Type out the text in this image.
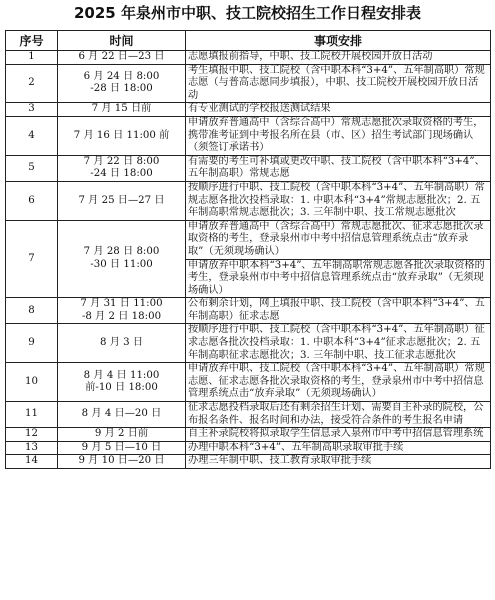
2025 年泉州市中职、技工院校招生工作日程安排表
序号	时间	事项安排
1	6 月 22 日—23 日	志愿填报前指导，中职、技工院校开展校园开放日活动
2	6 月 24 日 8:00
-28 日 18:00	考生填报中职、技工院校（含中职本科“3+4”、五年制高职）常规志愿（与普高志愿同步填报），中职、技工院校开展校园开放日活动
3	7 月 15 日前	有专业测试的学校报送测试结果
4	7 月 16 日 11:00 前	申请放弃普通高中（含综合高中）常规志愿批次录取资格的考生，携带准考证到中考报名所在县（市、区）招生考试部门现场确认（须签订承诺书）
5	7 月 22 日 8:00
-24 日 18:00	有需要的考生可补填或更改中职、技工院校（含中职本科“3+4”、五年制高职）常规志愿
6	7 月 25 日—27 日	按顺序进行中职、技工院校（含中职本科“3+4”、五年制高职）常规志愿各批次投档录取：1. 中职本科“3+4”常规志愿批次；2. 五年制高职常规志愿批次；3. 三年制中职、技工常规志愿批次
7	7 月 28 日 8:00
-30 日 11:00	申请放弃普通高中（含综合高中）常规志愿批次、征求志愿批次录取资格的考生，登录泉州市中考中招信息管理系统点击“放弃录取”（无须现场确认）
		申请放弃中职本科“3+4”、五年制高职常规志愿各批次录取资格的考生，登录泉州市中考中招信息管理系统点击“放弃录取”（无须现场确认）
8	7 月 31 日 11:00
-8 月 2 日 18:00	公布剩余计划，网上填报中职、技工院校（含中职本科“3+4”、五年制高职）征求志愿
9	8 月 3 日	按顺序进行中职、技工院校（含中职本科“3+4”、五年制高职）征求志愿各批次投档录取：1. 中职本科“3+4”征求志愿批次；2. 五年制高职征求志愿批次；3. 三年制中职、技工征求志愿批次
10	8 月 4 日 11:00
前-10 日 18:00	申请放弃中职、技工院校（含中职本科“3+4”、五年制高职）常规志愿、征求志愿各批次录取资格的考生，登录泉州市中考中招信息管理系统点击“放弃录取”（无须现场确认）
11	8 月 4 日—20 日	征求志愿投档录取后还有剩余招生计划、需要自主补录的院校，公布报名条件、报名时间和办法，接受符合条件的考生报名申请
12	9 月 2 日前	自主补录院校将拟录取学生信息录入泉州市中考中招信息管理系统
13	9 月 5 日—10 日	办理中职本科“3+4”、五年制高职录取审批手续
14	9 月 10 日—20 日	办理三年制中职、技工教育录取审批手续
